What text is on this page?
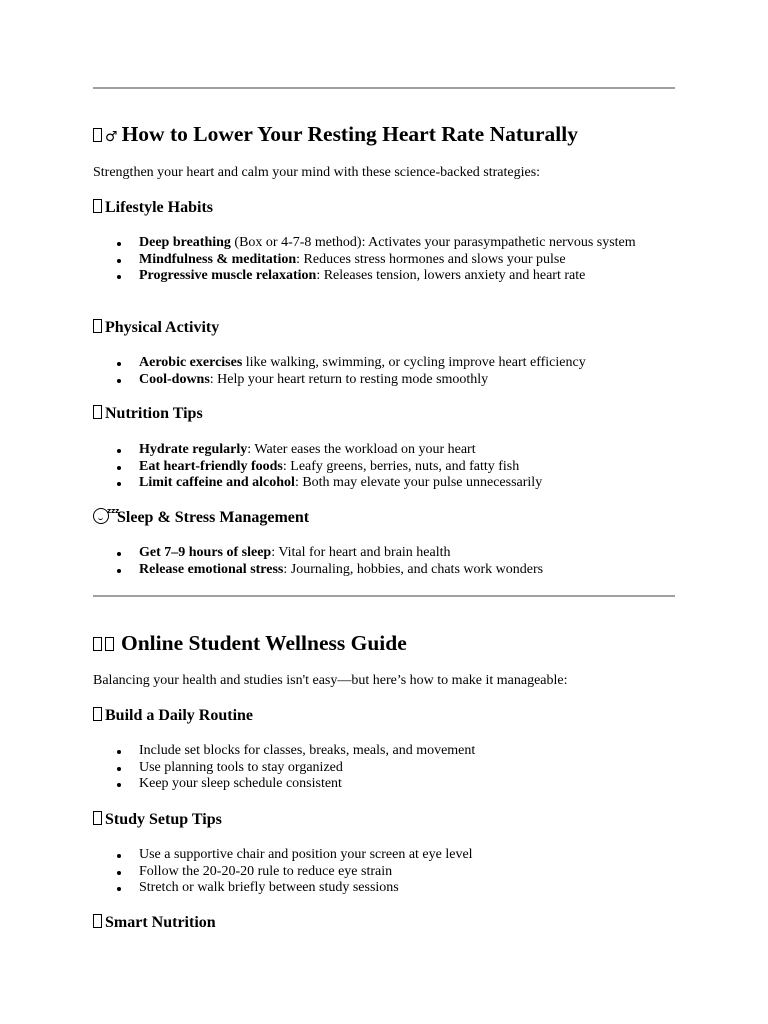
♂ How to Lower Your Resting Heart Rate Naturally

Strengthen your heart and calm your mind with these science-backed strategies:

Lifestyle Habits
Deep breathing (Box or 4-7-8 method): Activates your parasympathetic nervous system
Mindfulness & meditation: Reduces stress hormones and slows your pulse
Progressive muscle relaxation: Releases tension, lowers anxiety and heart rate
Physical Activity
Aerobic exercises like walking, swimming, or cycling improve heart efficiency
Cool-downs: Help your heart return to resting mode smoothly
Nutrition Tips
Hydrate regularly: Water eases the workload on your heart
Eat heart-friendly foods: Leafy greens, berries, nuts, and fatty fish
Limit caffeine and alcohol: Both may elevate your pulse unnecessarily
zzz
Sleep & Stress Management
Get 7–9 hours of sleep: Vital for heart and brain health
Release emotional stress: Journaling, hobbies, and chats work wonders
Online Student Wellness Guide

Balancing your health and studies isn't easy—but here’s how to make it manageable:

Build a Daily Routine
Include set blocks for classes, breaks, meals, and movement
Use planning tools to stay organized
Keep your sleep schedule consistent
Study Setup Tips
Use a supportive chair and position your screen at eye level
Follow the 20-20-20 rule to reduce eye strain
Stretch or walk briefly between study sessions
Smart Nutrition
